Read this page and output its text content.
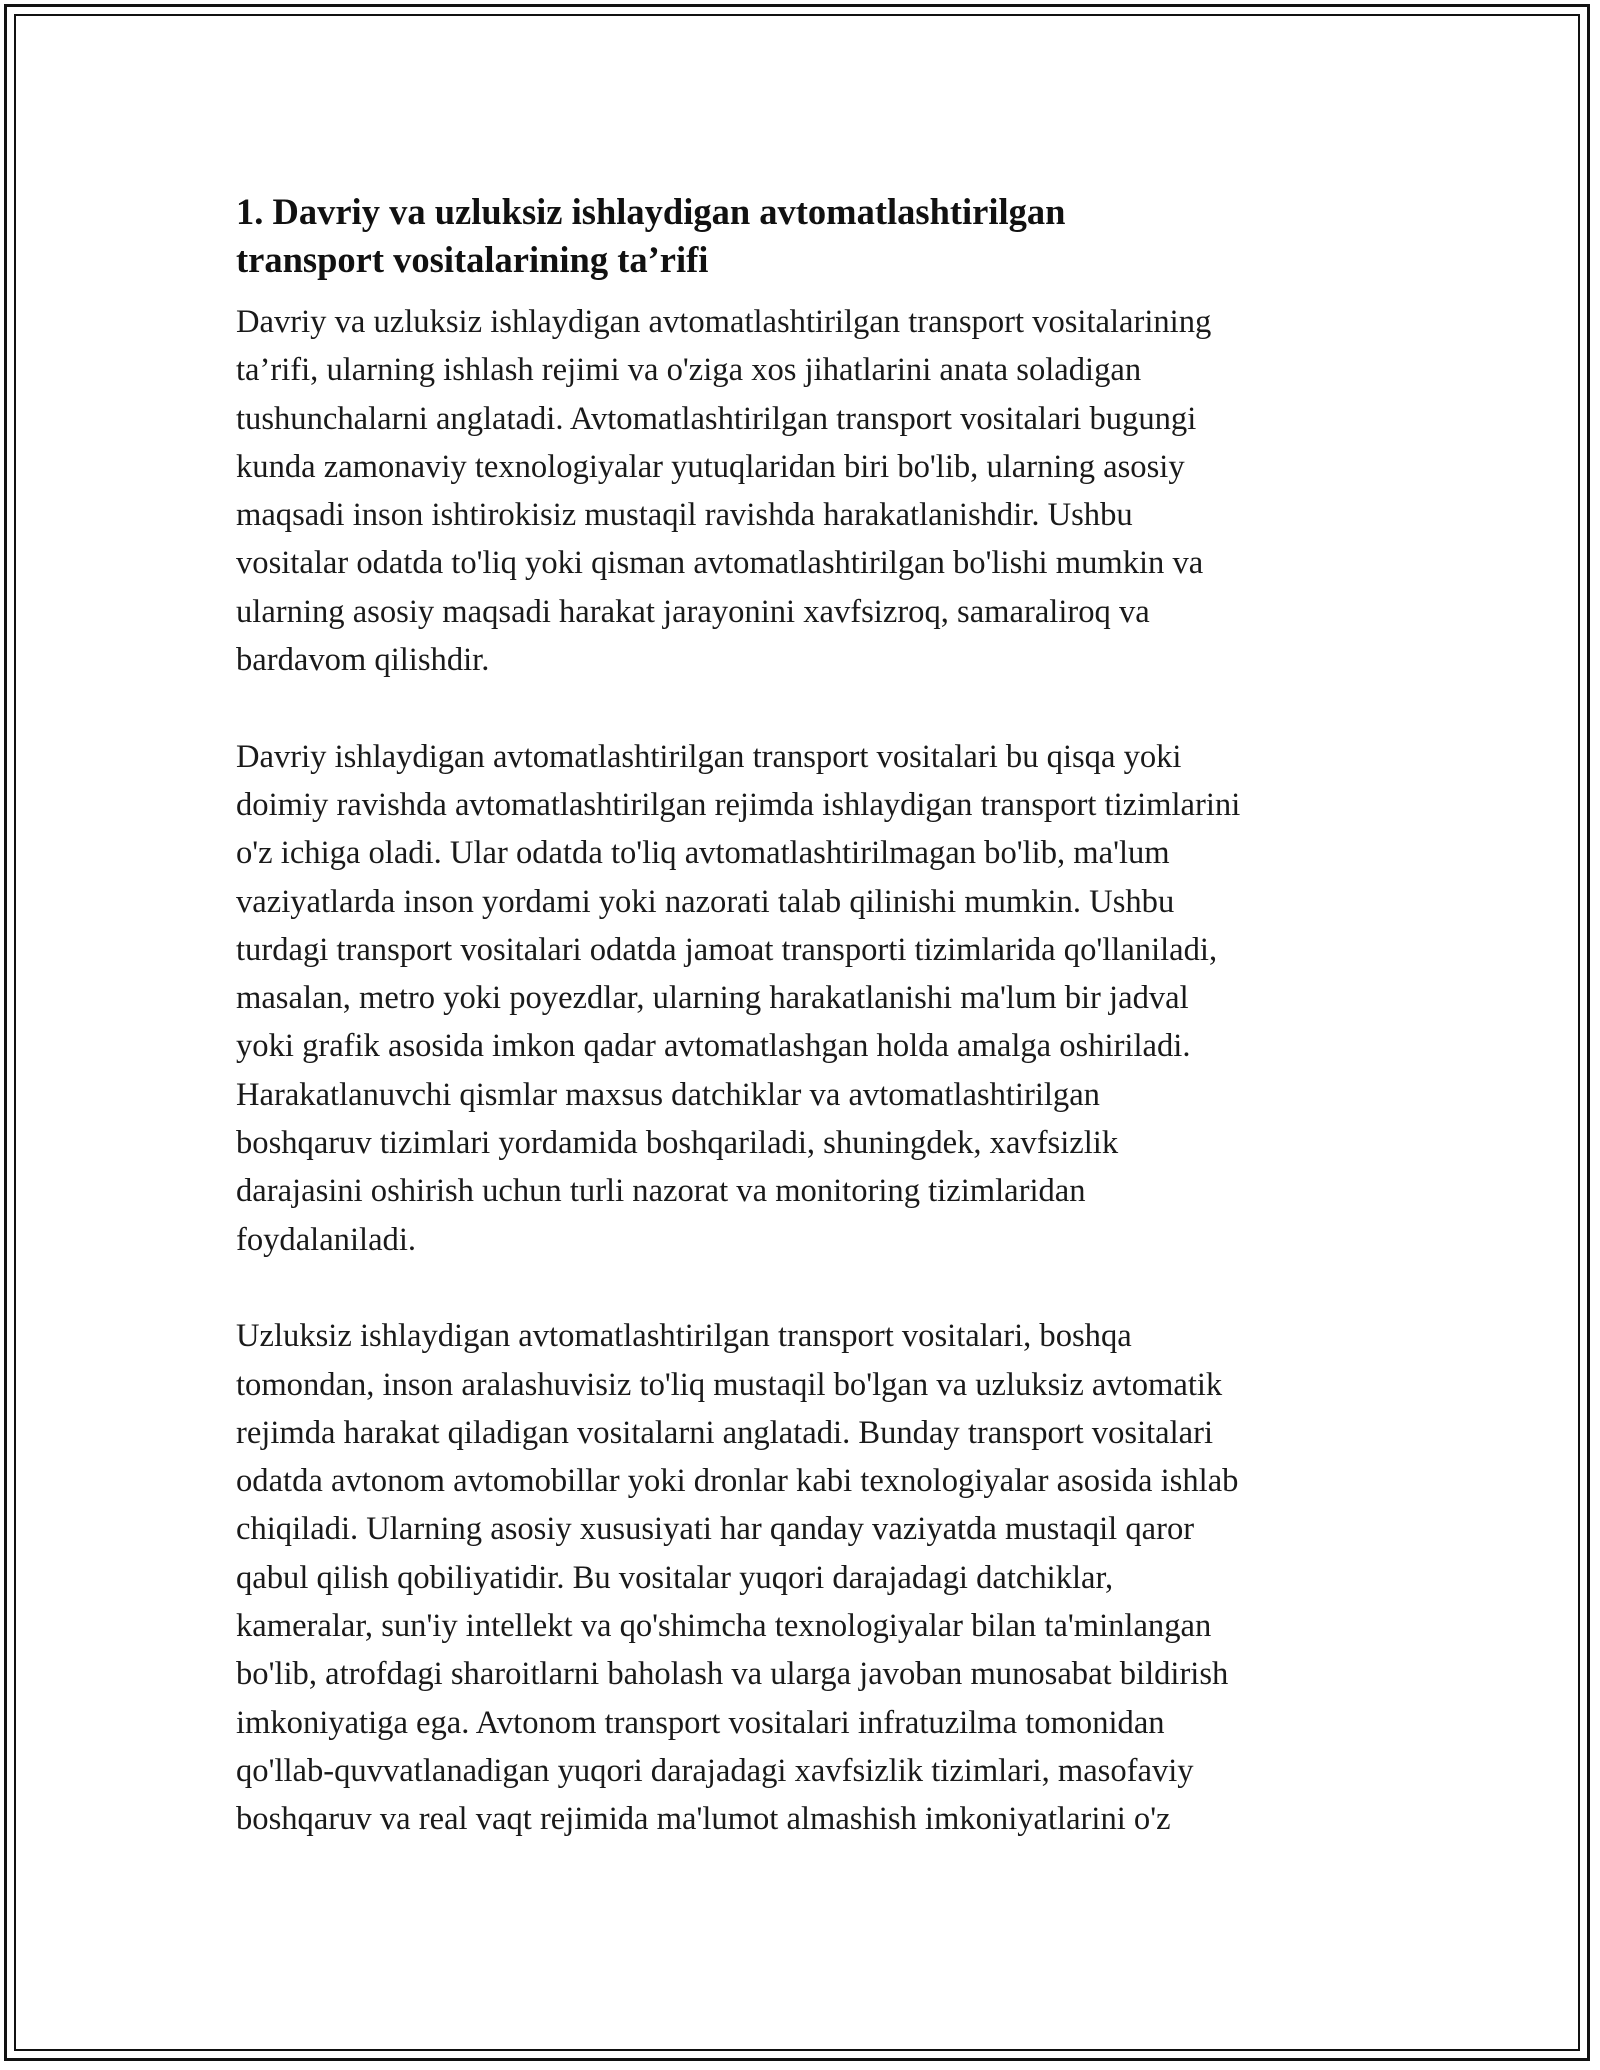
1. Davriy va uzluksiz ishlaydigan avtomatlashtirilgan
transport vositalarining ta’rifi

Davriy va uzluksiz ishlaydigan avtomatlashtirilgan transport vositalarining
ta’rifi, ularning ishlash rejimi va o'ziga xos jihatlarini anata soladigan
tushunchalarni anglatadi. Avtomatlashtirilgan transport vositalari bugungi
kunda zamonaviy texnologiyalar yutuqlaridan biri bo'lib, ularning asosiy
maqsadi inson ishtirokisiz mustaqil ravishda harakatlanishdir. Ushbu
vositalar odatda to'liq yoki qisman avtomatlashtirilgan bo'lishi mumkin va
ularning asosiy maqsadi harakat jarayonini xavfsizroq, samaraliroq va
bardavom qilishdir.

Davriy ishlaydigan avtomatlashtirilgan transport vositalari bu qisqa yoki
doimiy ravishda avtomatlashtirilgan rejimda ishlaydigan transport tizimlarini
o'z ichiga oladi. Ular odatda to'liq avtomatlashtirilmagan bo'lib, ma'lum
vaziyatlarda inson yordami yoki nazorati talab qilinishi mumkin. Ushbu
turdagi transport vositalari odatda jamoat transporti tizimlarida qo'llaniladi,
masalan, metro yoki poyezdlar, ularning harakatlanishi ma'lum bir jadval
yoki grafik asosida imkon qadar avtomatlashgan holda amalga oshiriladi.
Harakatlanuvchi qismlar maxsus datchiklar va avtomatlashtirilgan
boshqaruv tizimlari yordamida boshqariladi, shuningdek, xavfsizlik
darajasini oshirish uchun turli nazorat va monitoring tizimlaridan
foydalaniladi.

Uzluksiz ishlaydigan avtomatlashtirilgan transport vositalari, boshqa
tomondan, inson aralashuvisiz to'liq mustaqil bo'lgan va uzluksiz avtomatik
rejimda harakat qiladigan vositalarni anglatadi. Bunday transport vositalari
odatda avtonom avtomobillar yoki dronlar kabi texnologiyalar asosida ishlab
chiqiladi. Ularning asosiy xususiyati har qanday vaziyatda mustaqil qaror
qabul qilish qobiliyatidir. Bu vositalar yuqori darajadagi datchiklar,
kameralar, sun'iy intellekt va qo'shimcha texnologiyalar bilan ta'minlangan
bo'lib, atrofdagi sharoitlarni baholash va ularga javoban munosabat bildirish
imkoniyatiga ega. Avtonom transport vositalari infratuzilma tomonidan
qo'llab-quvvatlanadigan yuqori darajadagi xavfsizlik tizimlari, masofaviy
boshqaruv va real vaqt rejimida ma'lumot almashish imkoniyatlarini o'z
